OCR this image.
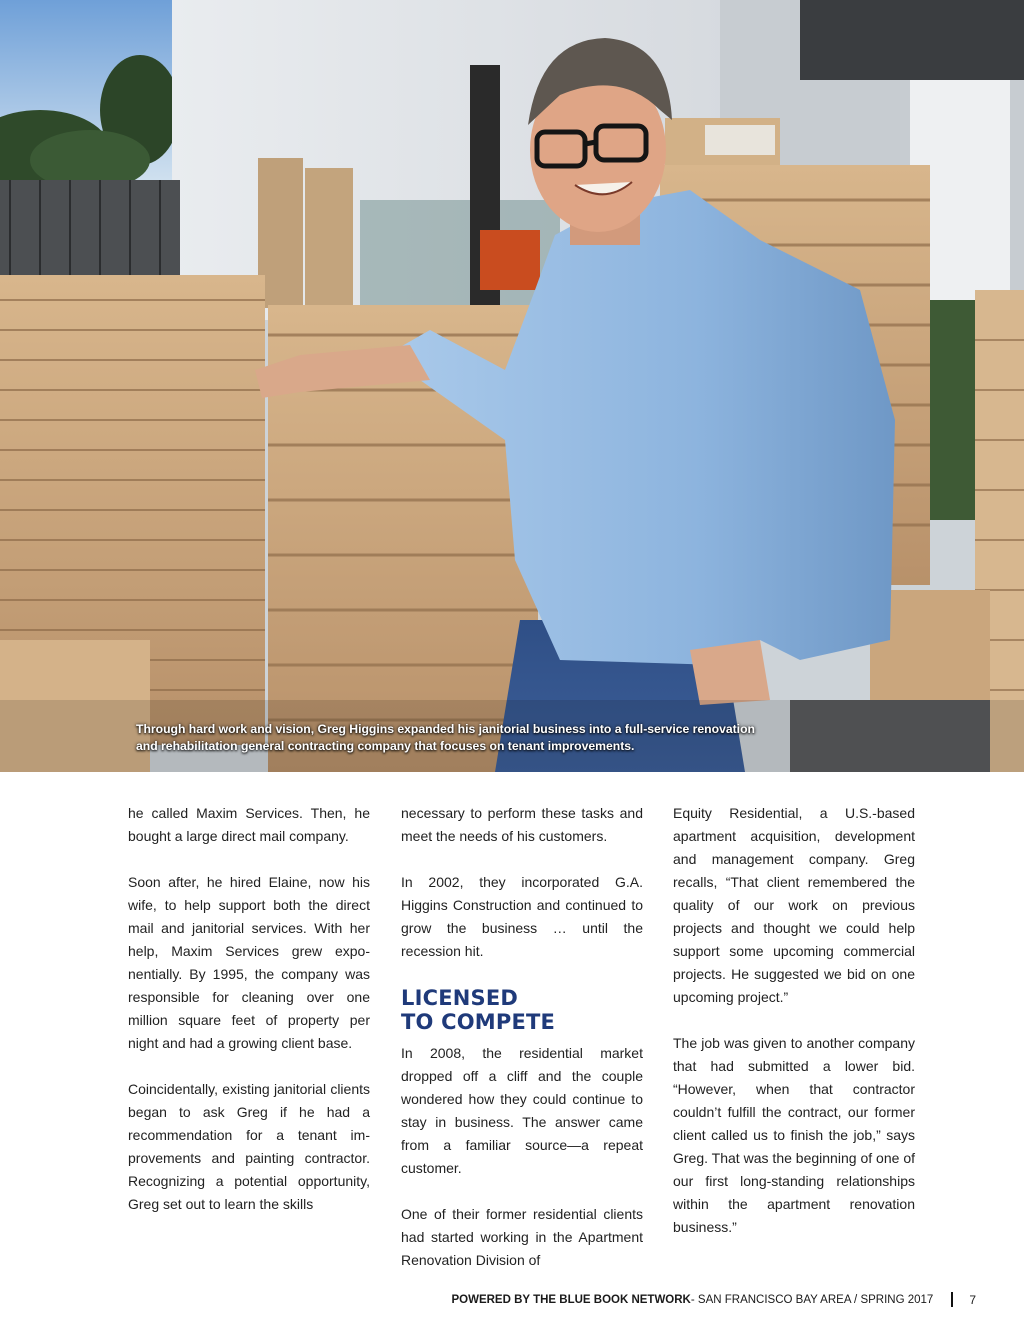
Through hard work and vision, Greg Higgins expanded his janitorial business into a full-service renovation
and rehabilitation general contracting company that focuses on tenant improvements.

he called Maxim Services. Then, he bought a large direct mail company.

Soon after, he hired Elaine, now his wife, to help support both the direct mail and janitorial services. With her help, Maxim Services grew expo-nentially. By 1995, the company was responsible for cleaning over one million square feet of property per night and had a growing client base.

Coincidentally, existing janitorial clients began to ask Greg if he had a recommendation for a tenant im-provements and painting contractor. Recognizing a potential opportunity, Greg set out to learn the skills

necessary to perform these tasks and meet the needs of his customers.

In 2002, they incorporated G.A. Higgins Construction and continued to grow the business … until the recession hit.

LICENSED
TO COMPETE

In 2008, the residential market dropped off a cliff and the couple wondered how they could continue to stay in business. The answer came from a familiar source—a repeat customer.

One of their former residential clients had started working in the Apartment Renovation Division of

Equity Residential, a U.S.-based apartment acquisition, development and management company. Greg recalls, “That client remembered the quality of our work on previous projects and thought we could help support some upcoming commercial projects. He suggested we bid on one upcoming project.”

The job was given to another company that had submitted a lower bid. “However, when that contractor couldn’t fulfill the contract, our former client called us to finish the job,” says Greg. That was the beginning of one of our first long-standing relationships within the apartment renovation business.”

POWERED BY THE BLUE BOOK NETWORK - SAN FRANCISCO BAY AREA / SPRING 2017	7
